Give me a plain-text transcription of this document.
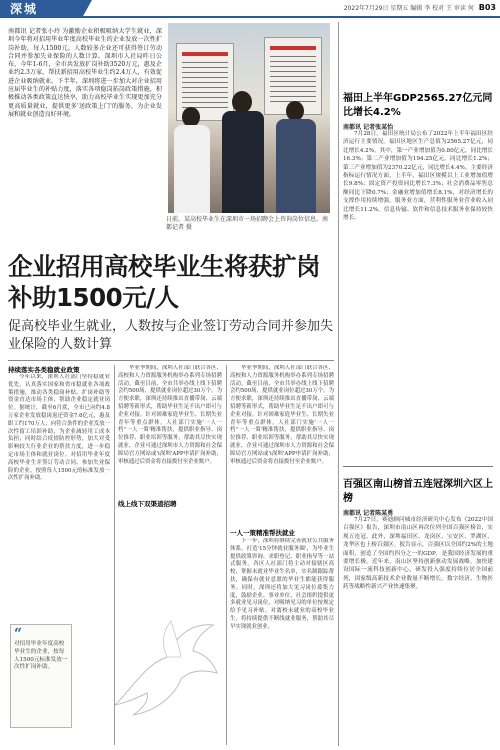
深城	2022年7月29日 星期五 编辑 李 校对 王 审读 何 B03

南都讯 记者张小玲 为激励企业积极吸纳大学生就业，深圳今年将对招用毕业年度高校毕业生的企业发放一次性扩岗补助，每人1500元。人数较多企业还可获得签订劳动合同并参加失业保险的人数计算。深圳市人社局昨日公布，今年1-6月，全市共发放扩岗补助3520万元，惠及企业约2.3万家，帮扶新招用高校毕业生约2.4万人，有效促进企业吸纳就业。下半年，深圳将进一步加大对企业招用应届毕业生的补贴力度，落实各项稳岗拓岗政策措施，积极推动各类政策直达快享，助力高校毕业生实现更加充分更高质量就业，提供更多'送政策上门'的服务，为企业发展和就业创造良好环境。

日前，某高校毕业生在深圳市一场招聘会上咨询岗位信息。南都记者 摄

企业招用高校毕业生将获扩岗补助1500元/人
促高校毕业生就业，人数按与企业签订劳动合同并参加失业保险的人数计算
持续落实各类稳就业政策

今年以来，深圳人社部门坚持稳就业优先，认真落实国家和省市稳就业各项政策措施，推动各类稳岗补贴、扩岗补助等资金直达市场主体，帮助企业稳定就业岗位。据统计，截至6月底，全市已向约4.8万家企业发放稳岗返还资金7.6亿元，惠及职工约170万人；向符合条件的企业发放一次性留工培训补助，为企业减轻用工成本负担；同时结合疫情防控形势，加大对受影响较大行业企业的帮扶力度，进一步稳定市场主体和就业岗位。对招用毕业年度高校毕业生并签订劳动合同、参加失业保险的企业，按照每人1500元的标准发放一次性扩岗补助。

线上线下双渠道招聘

毕业季期间，深圳人社部门联合各区、高校和人力资源服务机构举办系列专场招聘活动。截至目前，全市共举办线上线下招聘会约500场，提供就业岗位超过30万个。为方便求职，深圳还持续推出直播带岗、云端招聘等新形式，帮助毕业生足不出户即可与企业对接。针对困难家庭毕业生、长期失业青年等重点群体，人社部门实施'一人一档''一人一策'精准帮扶，提供职业指导、岗位推荐、职业培训等服务，帮助其尽快实现就业。企业可通过深圳市人力资源和社会保障局官方网站或'i深圳'APP申请扩岗补助，审核通过后资金将直接拨付至企业账户。

一人一策精准帮扶就业

下一步，深圳将继续完善就业公共服务体系，打造'15分钟就业服务圈'，为毕业生提供政策咨询、求职登记、职业指导等一站式服务。各区人社部门将主动对接辖区高校，掌握未就业毕业生名单，实名制跟踪帮扶，确保有就业意愿的毕业生都能获得服务。同时，深圳还将加大见习岗位募集力度，鼓励企业、事业单位、社会组织提供更多就业见习岗位，对吸纳见习的单位按规定给予见习补贴。对离校未就业的高校毕业生，将持续提供不断线就业服务，帮助其尽早实现就业创业。

毕业季期间，深圳人社部门联合各区、高校和人力资源服务机构举办系列专场招聘活动。截至目前，全市共举办线上线下招聘会约500场，提供就业岗位超过30万个。为方便求职，深圳还持续推出直播带岗、云端招聘等新形式，帮助毕业生足不出户即可与企业对接。针对困难家庭毕业生、长期失业青年等重点群体，人社部门实施'一人一档''一人一策'精准帮扶，提供职业指导、岗位推荐、职业培训等服务，帮助其尽快实现就业。企业可通过深圳市人力资源和社会保障局官方网站或'i深圳'APP申请扩岗补助，审核通过后资金将直接拨付至企业账户。

“

对招用毕业年度高校毕业生的企业，按每人1500元标准发放一次性扩岗补助。

福田上半年GDP2565.27亿元同比增长4.2%
南都讯 记者张某怡

7月28日，福田区统计局公布了2022年上半年福田区经济运行主要情况。福田区地区生产总值为2565.27亿元，同比增长4.2%。其中，第一产业增加值为0.80亿元，同比增长16.3%；第二产业增加值为194.25亿元，同比增长1.2%；第三产业增加值为2370.22亿元，同比增长4.4%。主要经济指标运行情况方面，上半年，福田区规模以上工业增加值增长9.8%；固定资产投资同比增长7.3%；社会消费品零售总额同比下降0.7%；金融业增加值增长8.1%，对经济增长的支撑作用持续增强。服务业方面，营利性服务业营业收入同比增长11.2%，信息传输、软件和信息技术服务业保持较快增长。

百强区南山榜首五连冠深圳六区上榜
南都讯 记者陈某勇

7月27日，赛迪顾问城市经济研究中心发布《2022中国百强区》报告，深圳市南山区再次位列全国百强区榜首，实现五连冠。此外，深圳福田区、龙岗区、宝安区、罗湖区、龙华区也上榜百强区。报告显示，百强区以全国约2%的土地面积，创造了全国约四分之一的GDP，是我国经济发展的重要增长极。近年来，南山区坚持创新驱动发展战略，加快建设国际一流科技创新中心，研发投入强度持续位居全国前列，国家级高新技术企业数量不断增长，数字经济、生物医药等战略性新兴产业快速集聚。
